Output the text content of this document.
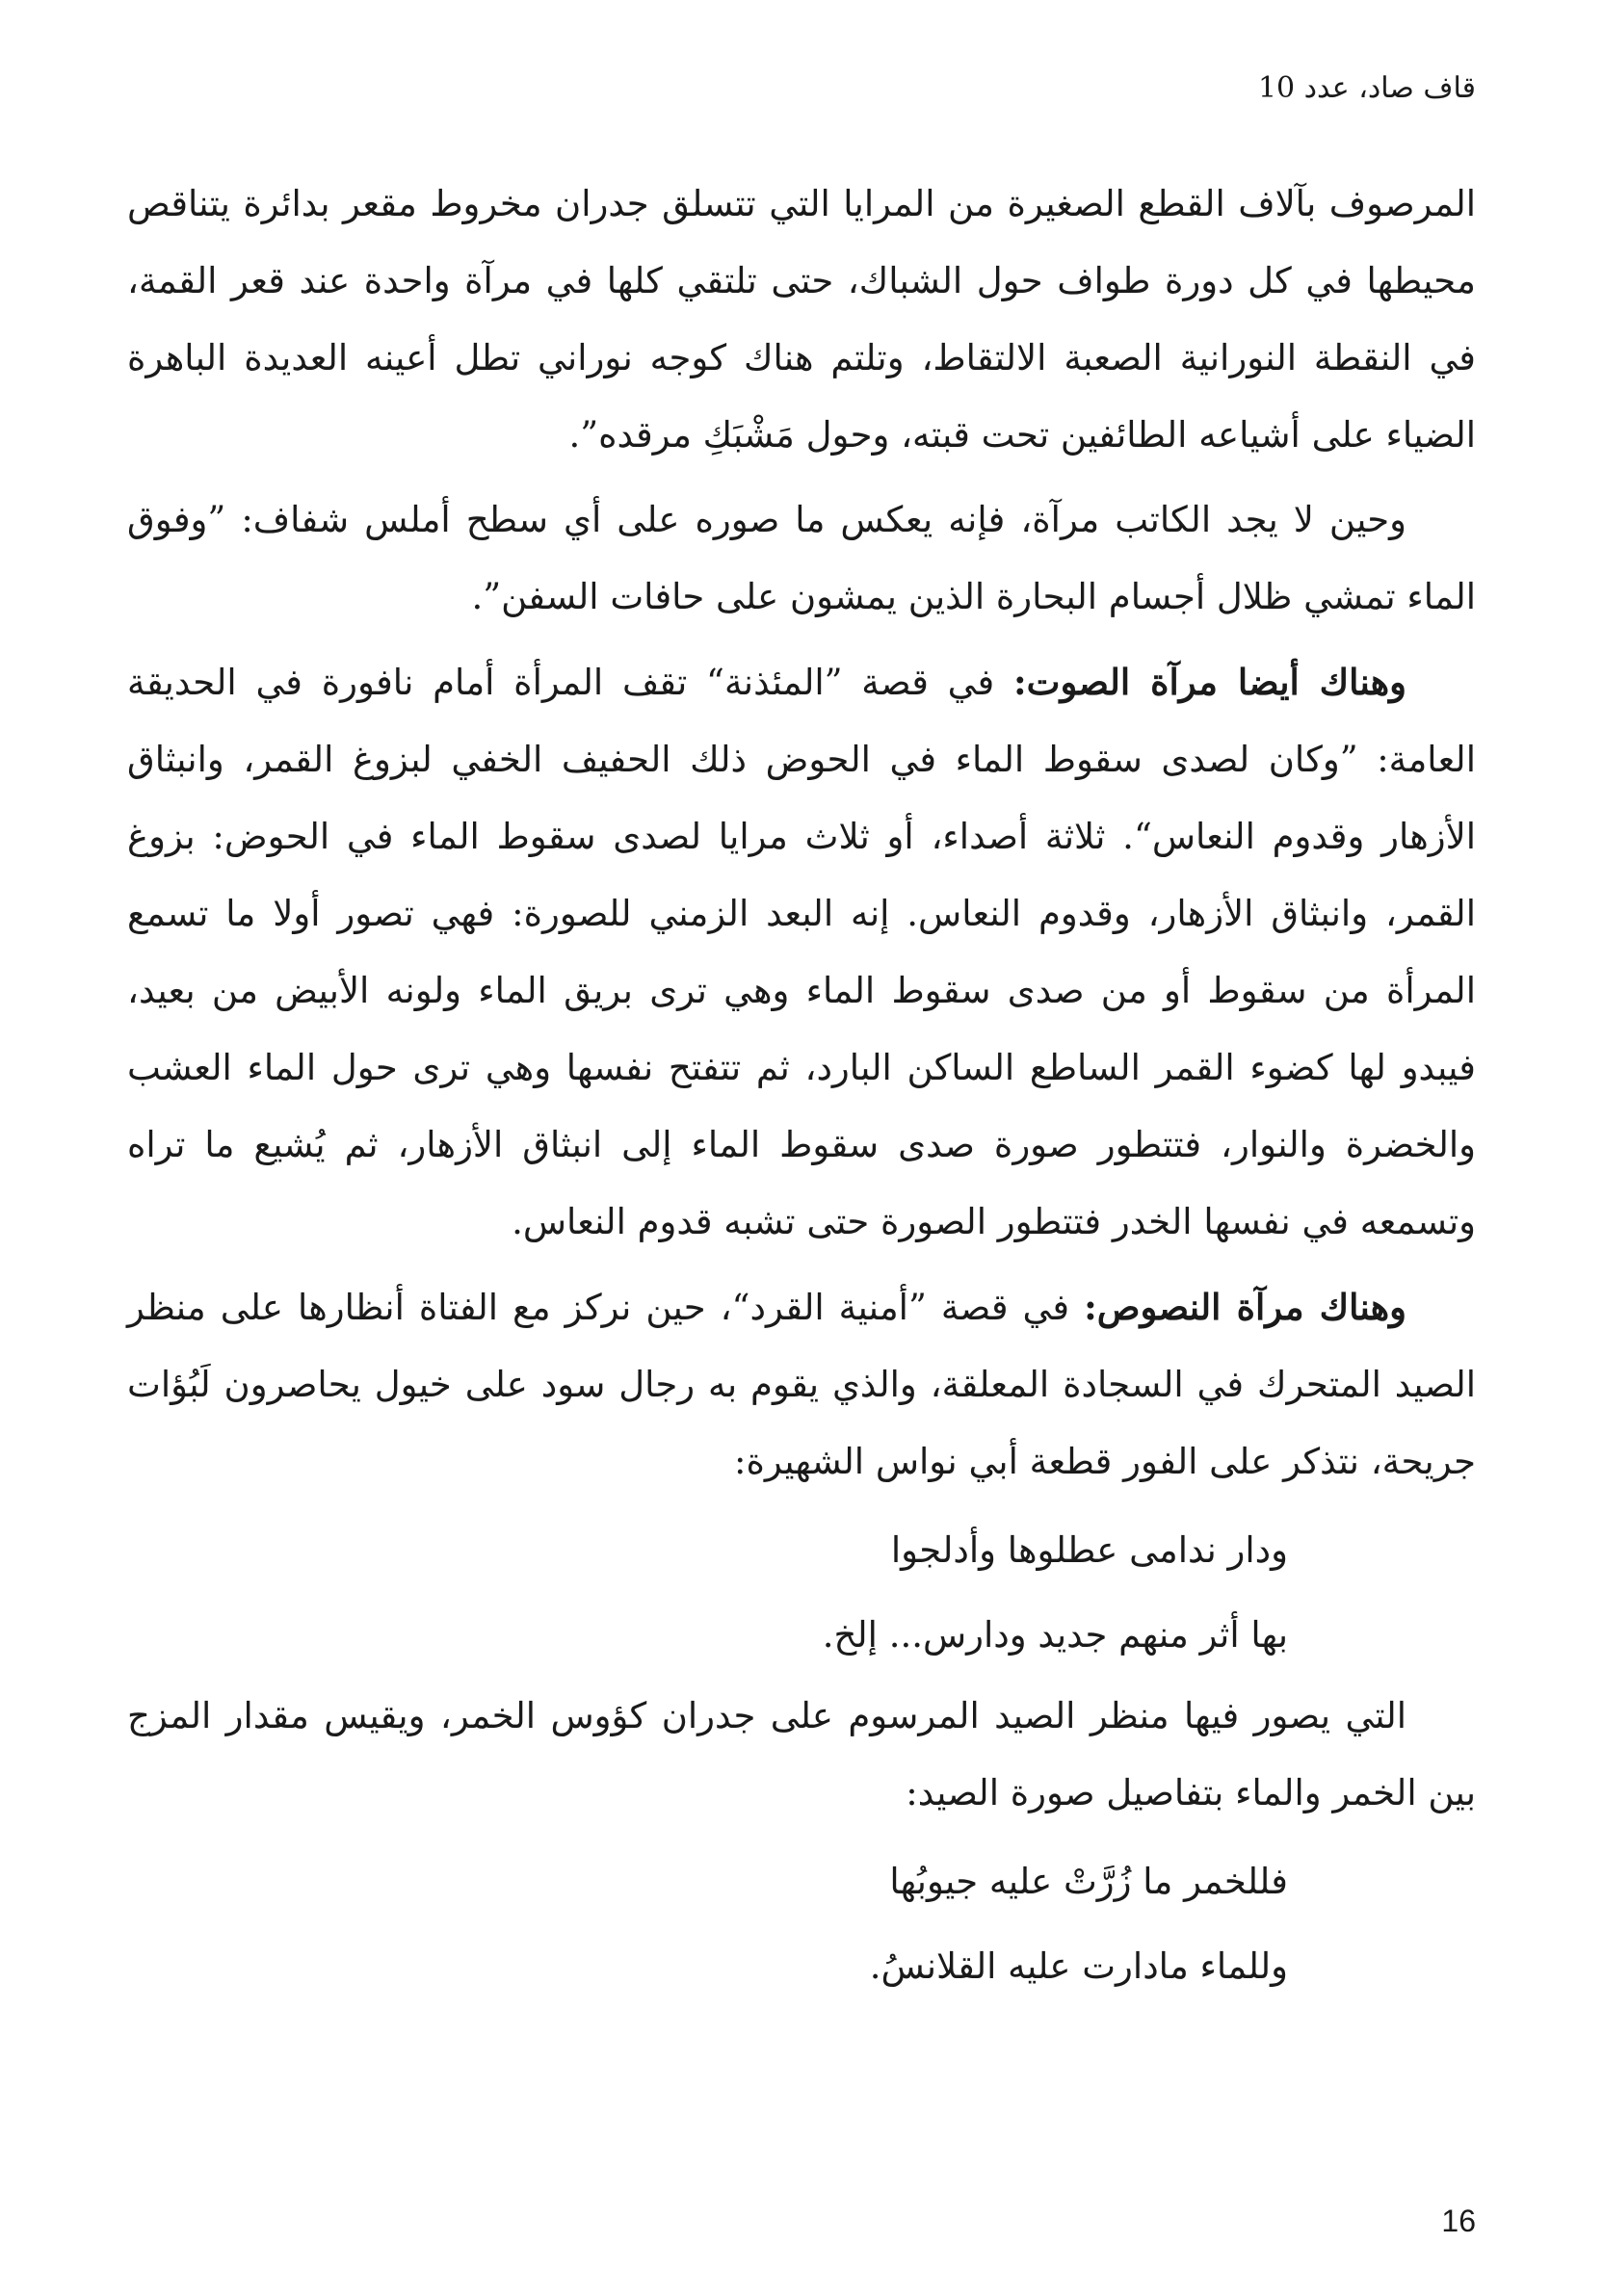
قاف صاد، عدد 10

المرصوف بآلاف القطع الصغيرة من المرايا التي تتسلق جدران مخروط مقعر بدائرة يتناقص محيطها في كل دورة طواف حول الشباك، حتى تلتقي كلها في مرآة واحدة عند قعر القمة، في النقطة النورانية الصعبة الالتقاط، وتلتم هناك كوجه نوراني تطل أعينه العديدة الباهرة الضياء على أشياعه الطائفين تحت قبته، وحول مَشْبَكِ مرقده”.

وحين لا يجد الكاتب مرآة، فإنه يعكس ما صوره على أي سطح أملس شفاف: ”وفوق الماء تمشي ظلال أجسام البحارة الذين يمشون على حافات السفن”.

وهناك أيضا مرآة الصوت: في قصة ”المئذنة“ تقف المرأة أمام نافورة في الحديقة العامة: ”وكان لصدى سقوط الماء في الحوض ذلك الحفيف الخفي لبزوغ القمر، وانبثاق الأزهار وقدوم النعاس“. ثلاثة أصداء، أو ثلاث مرايا لصدى سقوط الماء في الحوض: بزوغ القمر، وانبثاق الأزهار، وقدوم النعاس. إنه البعد الزمني للصورة: فهي تصور أولا ما تسمع المرأة من سقوط أو من صدى سقوط الماء وهي ترى بريق الماء ولونه الأبيض من بعيد، فيبدو لها كضوء القمر الساطع الساكن البارد، ثم تتفتح نفسها وهي ترى حول الماء العشب والخضرة والنوار، فتتطور صورة صدى سقوط الماء إلى انبثاق الأزهار، ثم يُشيع ما تراه وتسمعه في نفسها الخدر فتتطور الصورة حتى تشبه قدوم النعاس.

وهناك مرآة النصوص: في قصة ”أمنية القرد“، حين نركز مع الفتاة أنظارها على منظر الصيد المتحرك في السجادة المعلقة، والذي يقوم به رجال سود على خيول يحاصرون لَبُؤات جريحة، نتذكر على الفور قطعة أبي نواس الشهيرة:

ودار ندامى عطلوها وأدلجوا

بها أثر منهم جديد ودارس... إلخ.

التي يصور فيها منظر الصيد المرسوم على جدران كؤوس الخمر، ويقيس مقدار المزج بين الخمر والماء بتفاصيل صورة الصيد:

فللخمر ما زُرَّتْ عليه جيوبُها

وللماء مادارت عليه القلانسُ.

16
